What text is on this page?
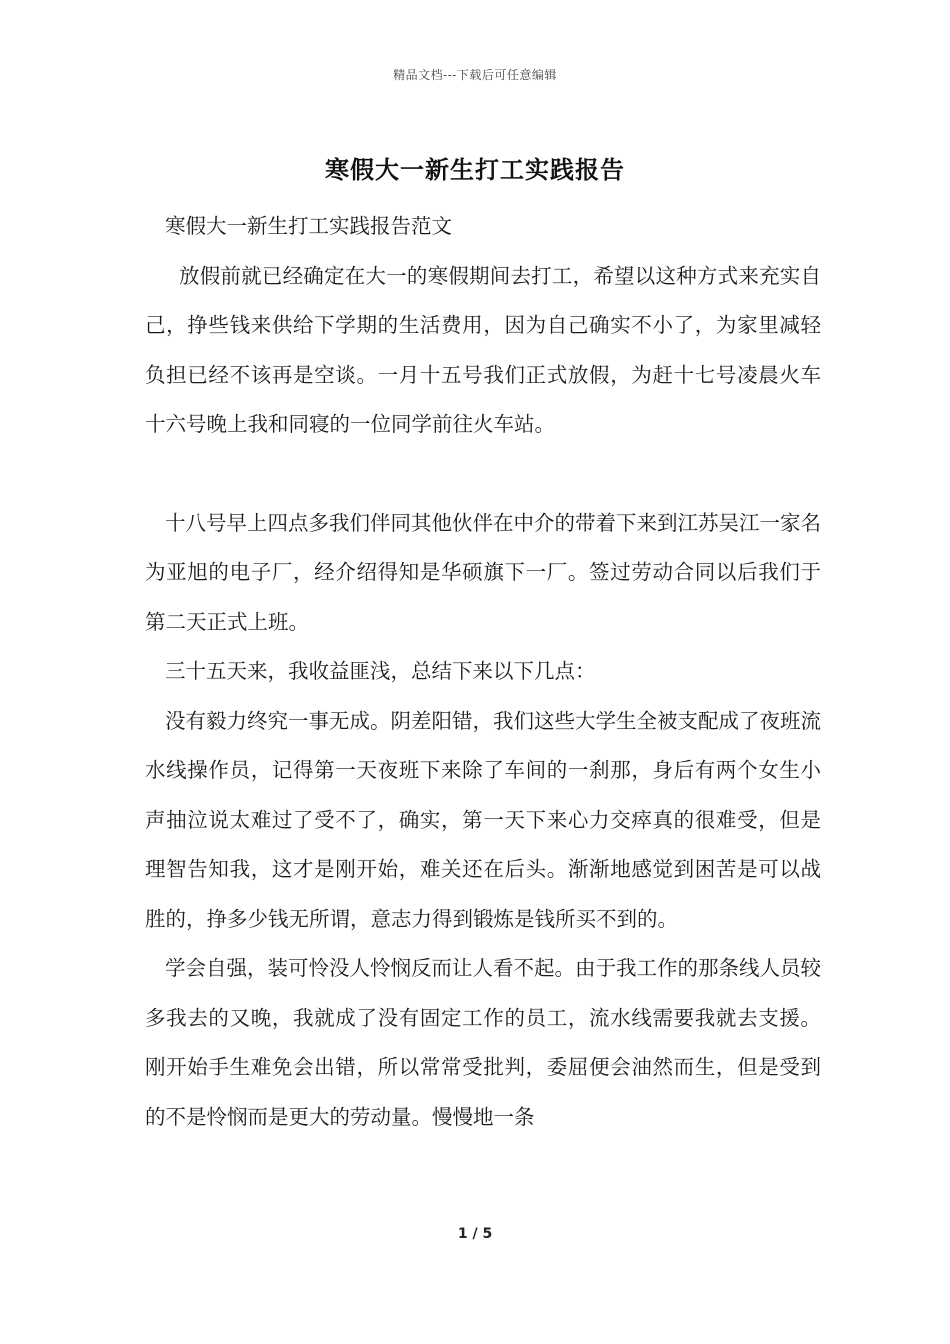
精品文档---下载后可任意编辑
寒假大一新生打工实践报告

寒假大一新生打工实践报告范文

放假前就已经确定在大一的寒假期间去打工，希望以这种方式来充实自己，挣些钱来供给下学期的生活费用，因为自己确实不小了，为家里减轻负担已经不该再是空谈。一月十五号我们正式放假，为赶十七号凌晨火车十六号晚上我和同寝的一位同学前往火车站。

十八号早上四点多我们伴同其他伙伴在中介的带着下来到江苏吴江一家名为亚旭的电子厂，经介绍得知是华硕旗下一厂。签过劳动合同以后我们于第二天正式上班。

三十五天来，我收益匪浅，总结下来以下几点：

没有毅力终究一事无成。阴差阳错，我们这些大学生全被支配成了夜班流水线操作员，记得第一天夜班下来除了车间的一刹那，身后有两个女生小声抽泣说太难过了受不了，确实，第一天下来心力交瘁真的很难受，但是理智告知我，这才是刚开始，难关还在后头。渐渐地感觉到困苦是可以战胜的，挣多少钱无所谓，意志力得到锻炼是钱所买不到的。

学会自强，装可怜没人怜悯反而让人看不起。由于我工作的那条线人员较多我去的又晚，我就成了没有固定工作的员工，流水线需要我就去支援。刚开始手生难免会出错，所以常常受批判，委屈便会油然而生，但是受到的不是怜悯而是更大的劳动量。慢慢地一条

1 / 5
